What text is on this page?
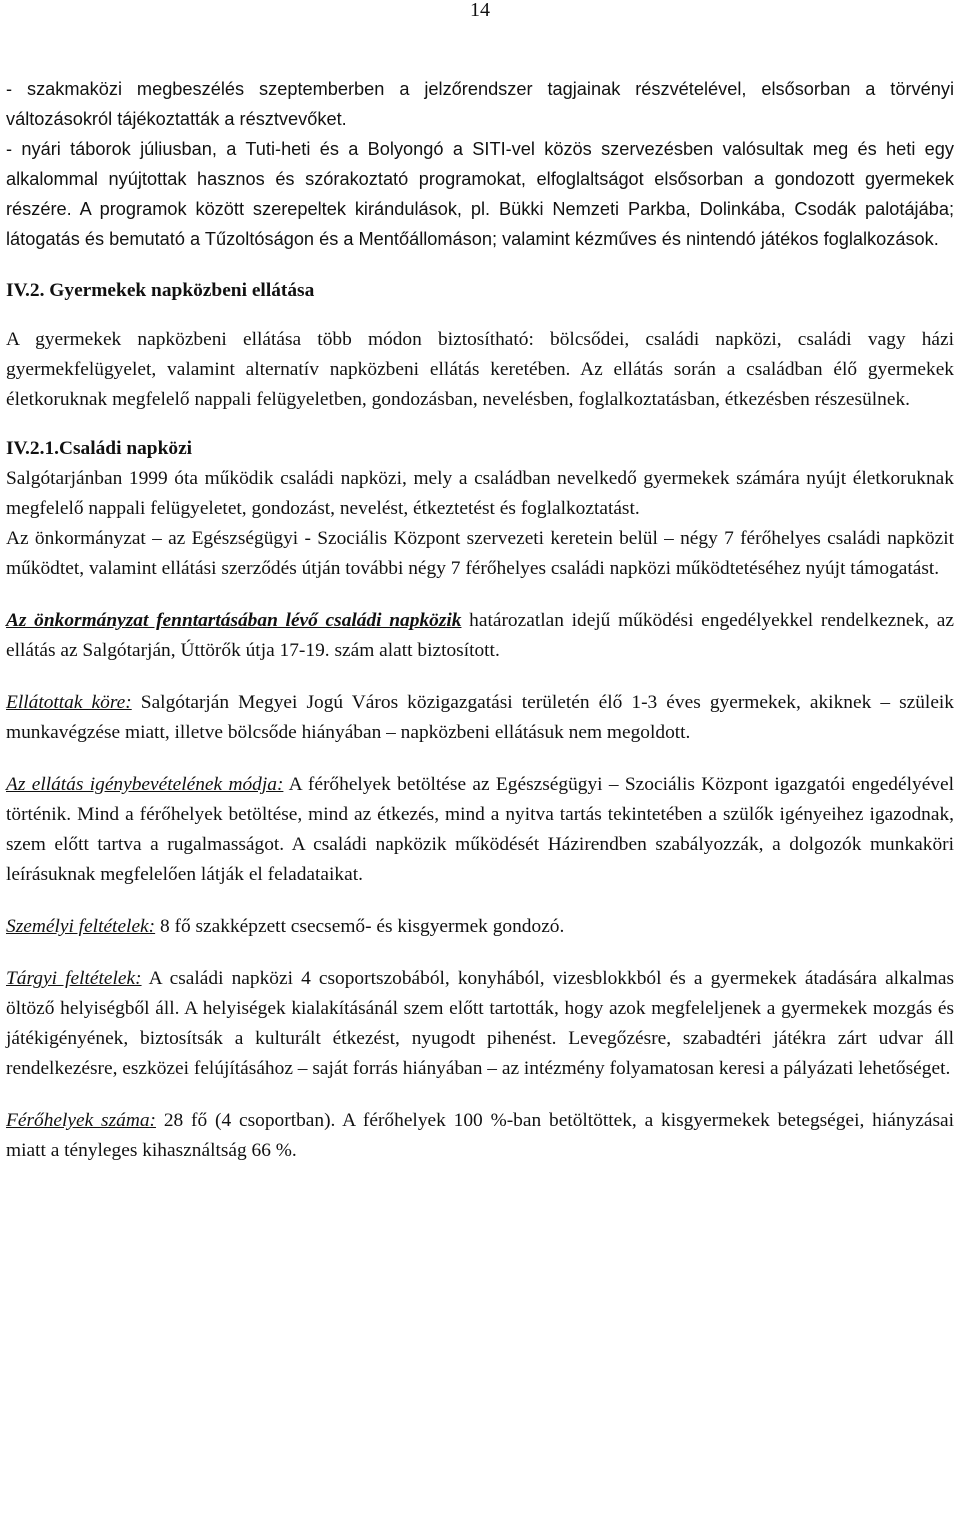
14

- szakmaközi megbeszélés szeptemberben a jelzőrendszer tagjainak részvételével, elsősorban a törvényi változásokról tájékoztatták a résztvevőket.

- nyári táborok júliusban, a Tuti-heti és a Bolyongó a SITI-vel közös szervezésben valósultak meg és heti egy alkalommal nyújtottak hasznos és szórakoztató programokat, elfoglaltságot elsősorban a gondozott gyermekek részére. A programok között szerepeltek kirándulások, pl. Bükki Nemzeti Parkba, Dolinkába, Csodák palotájába; látogatás és bemutató a Tűzoltóságon és a Mentőállomáson; valamint kézműves és nintendó játékos foglalkozások.

IV.2. Gyermekek napközbeni ellátása

A gyermekek napközbeni ellátása több módon biztosítható: bölcsődei, családi napközi, családi vagy házi gyermekfelügyelet, valamint alternatív napközbeni ellátás keretében. Az ellátás során a családban élő gyermekek életkoruknak megfelelő nappali felügyeletben, gondozásban, nevelésben, foglalkoztatásban, étkezésben részesülnek.

IV.2.1.Családi napközi

Salgótarjánban 1999 óta működik családi napközi, mely a családban nevelkedő gyermekek számára nyújt életkoruknak megfelelő nappali felügyeletet, gondozást, nevelést, étkeztetést és foglalkoztatást.

Az önkormányzat – az Egészségügyi - Szociális Központ szervezeti keretein belül – négy 7 férőhelyes családi napközit működtet, valamint ellátási szerződés útján további négy 7 férőhelyes családi napközi működtetéséhez nyújt támogatást.

Az önkormányzat fenntartásában lévő családi napközik határozatlan idejű működési engedélyekkel rendelkeznek, az ellátás az Salgótarján, Úttörők útja 17-19. szám alatt biztosított.

Ellátottak köre: Salgótarján Megyei Jogú Város közigazgatási területén élő 1-3 éves gyermekek, akiknek – szüleik munkavégzése miatt, illetve bölcsőde hiányában – napközbeni ellátásuk nem megoldott.

Az ellátás igénybevételének módja: A férőhelyek betöltése az Egészségügyi – Szociális Központ igazgatói engedélyével történik. Mind a férőhelyek betöltése, mind az étkezés, mind a nyitva tartás tekintetében a szülők igényeihez igazodnak, szem előtt tartva a rugalmasságot. A családi napközik működését Házirendben szabályozzák, a dolgozók munkaköri leírásuknak megfelelően látják el feladataikat.

Személyi feltételek: 8 fő szakképzett csecsemő- és kisgyermek gondozó.

Tárgyi feltételek: A családi napközi 4 csoportszobából, konyhából, vizesblokkból és a gyermekek átadására alkalmas öltöző helyiségből áll. A helyiségek kialakításánál szem előtt tartották, hogy azok megfeleljenek a gyermekek mozgás és játékigényének, biztosítsák a kulturált étkezést, nyugodt pihenést. Levegőzésre, szabadtéri játékra zárt udvar áll rendelkezésre, eszközei felújításához – saját forrás hiányában – az intézmény folyamatosan keresi a pályázati lehetőséget.

Férőhelyek száma: 28 fő (4 csoportban). A férőhelyek 100 %-ban betöltöttek, a kisgyermekek betegségei, hiányzásai miatt a tényleges kihasználtság 66 %.
